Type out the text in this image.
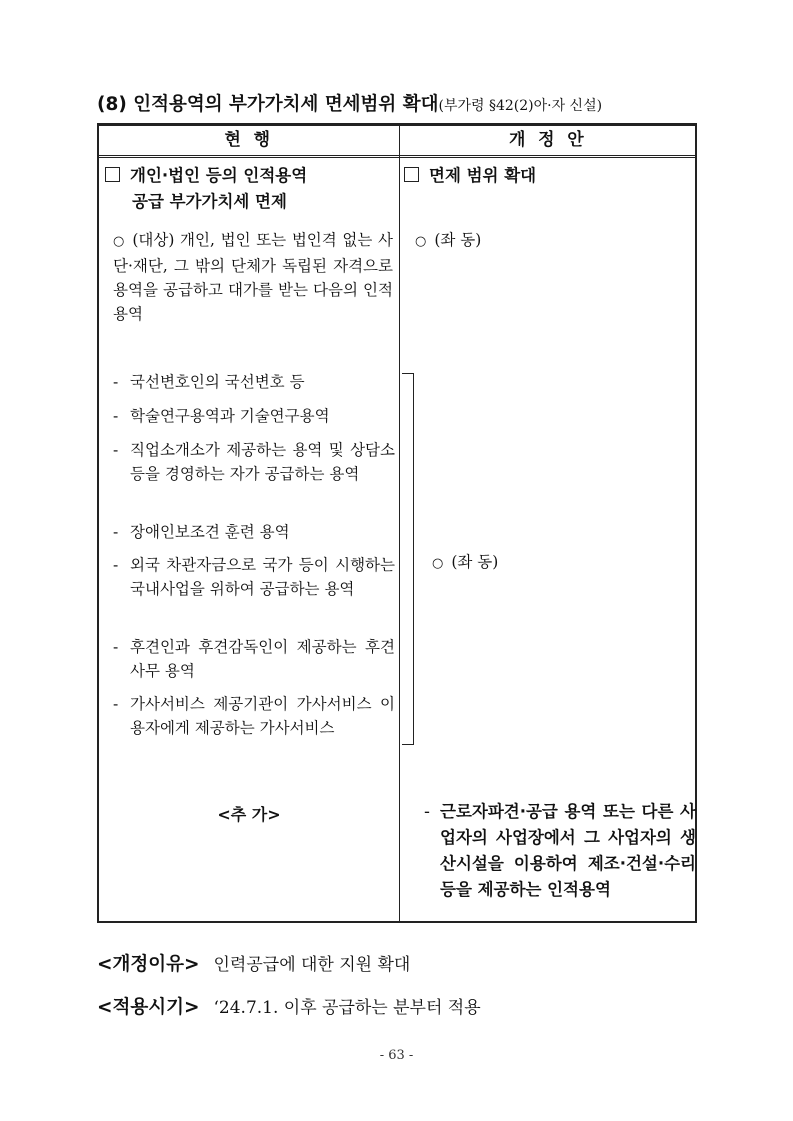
(8) 인적용역의 부가가치세 면세범위 확대(부가령 §42(2)아·자 신설)
현 행	개 정 안
개인·법인 등의 인적용역
공급 부가가치세 면제
○ (대상) 개인, 법인 또는 법인격 없는 사단·재단, 그 밖의 단체가 독립된 자격으로 용역을 공급하고 대가를 받는 다음의 인적 용역
- 국선변호인의 국선변호 등
- 학술연구용역과 기술연구용역
- 직업소개소가 제공하는 용역 및 상담소 등을 경영하는 자가 공급하는 용역
- 장애인보조견 훈련 용역
- 외국 차관자금으로 국가 등이 시행하는 국내사업을 위하여 공급하는 용역
- 후견인과 후견감독인이 제공하는 후견사무 용역
- 가사서비스 제공기관이 가사서비스 이용자에게 제공하는 가사서비스
<추 가>
면제 범위 확대
○ (좌 동)
○ (좌 동)
- 근로자파견·공급 용역 또는 다른 사업자의 사업장에서 그 사업자의 생산시설을 이용하여 제조·건설·수리 등을 제공하는 인적용역
<개정이유> 인력공급에 대한 지원 확대
<적용시기> ‘24.7.1. 이후 공급하는 분부터 적용
- 63 -
